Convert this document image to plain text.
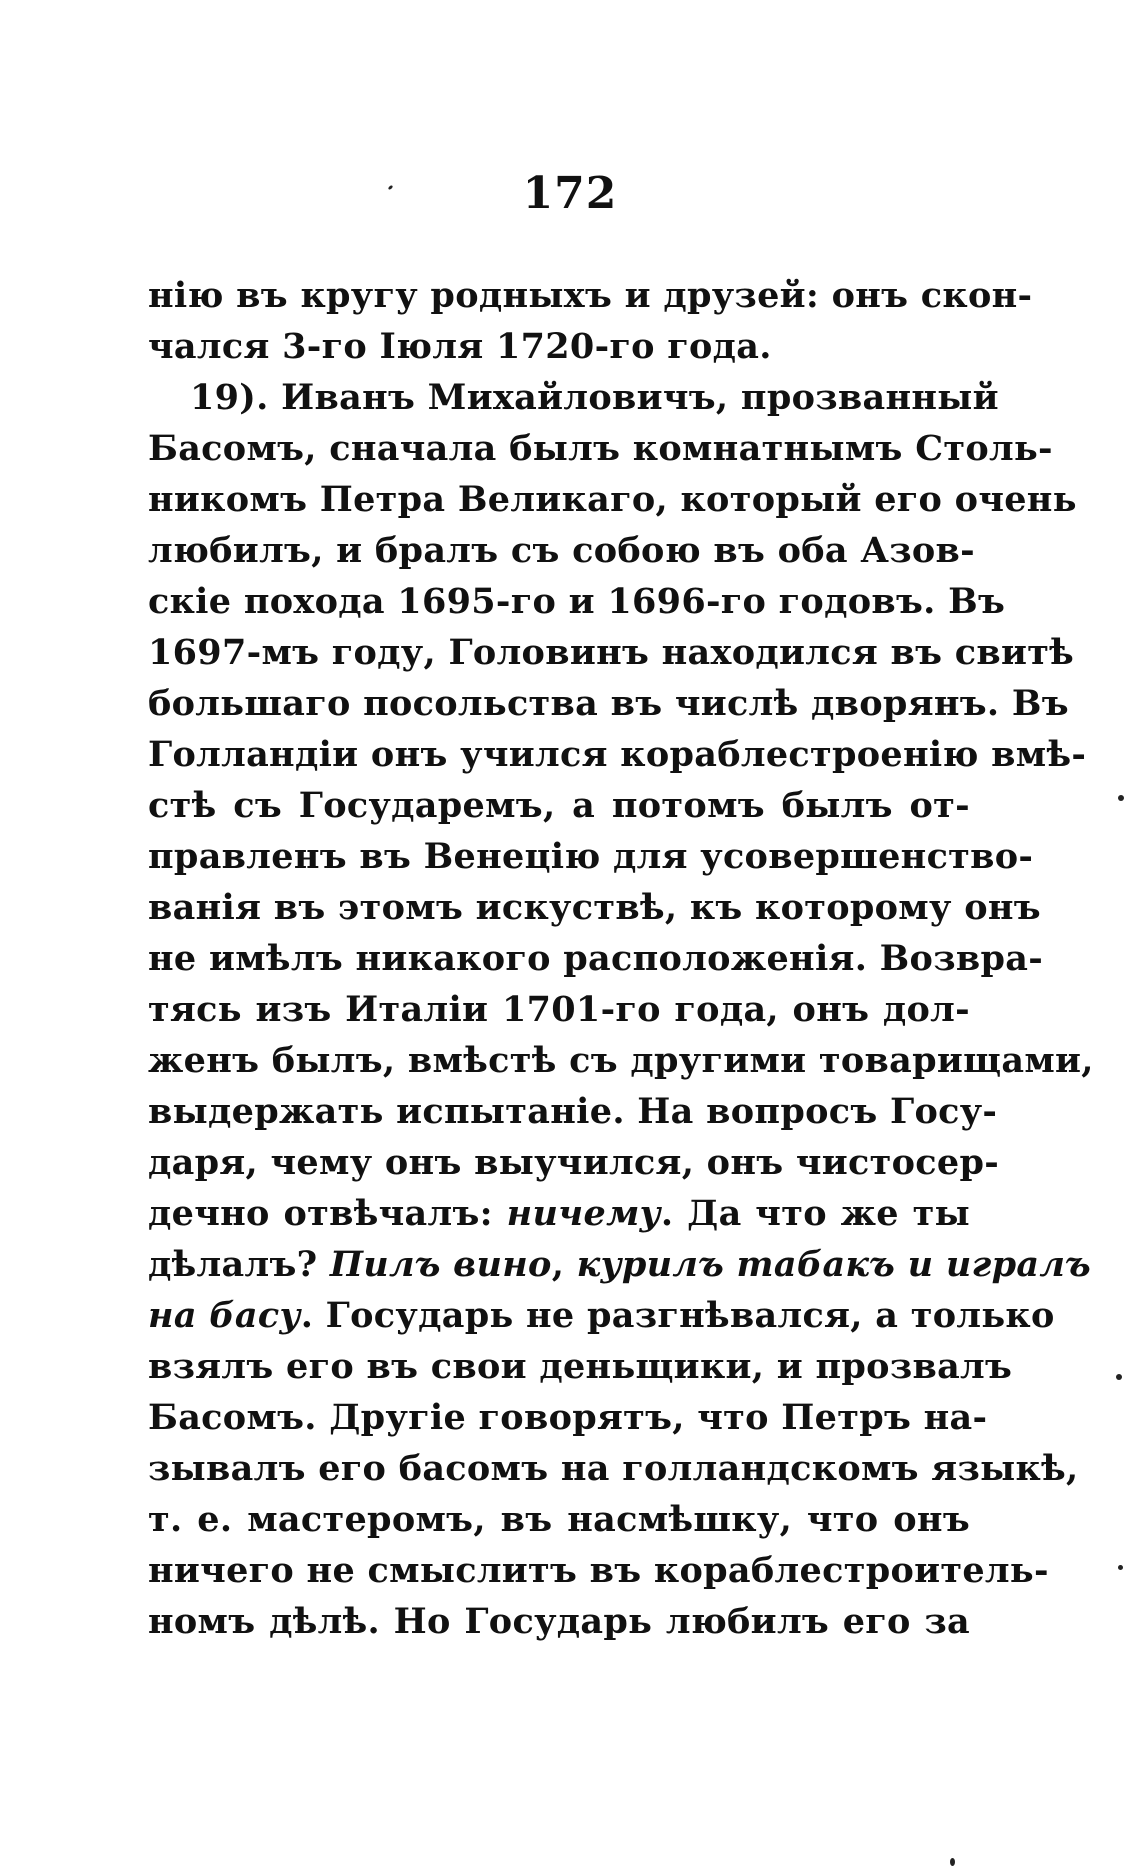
172
нію въ кругу родныхъ и друзей: онъ скон-
чался 3-го Іюля 1720-го года.
19). Иванъ Михайловичъ, прозванный
Басомъ, сначала былъ комнатнымъ Столь-
никомъ Петра Великаго, который его очень
любилъ, и бралъ съ собою въ оба Азов-
скіе похода 1695-го и 1696-го годовъ. Въ
1697-мъ году, Головинъ находился въ свитѣ
большаго посольства въ числѣ дворянъ. Въ
Голландіи онъ учился кораблестроенію вмѣ-
стѣ съ Государемъ, а потомъ былъ от-
правленъ въ Венецію для усовершенство-
ванія въ этомъ искуствѣ, къ которому онъ
не имѣлъ никакого расположенія. Возвра-
тясь изъ Италіи 1701-го года, онъ дол-
женъ былъ, вмѣстѣ съ другими товарищами,
выдержать испытаніе. На вопросъ Госу-
даря, чему онъ выучился, онъ чистосер-
дечно отвѣчалъ: ничему. Да что же ты
дѣлалъ? Пилъ вино, курилъ табакъ и игралъ
на басу. Государь не разгнѣвался, а только
взялъ его въ свои деньщики, и прозвалъ
Басомъ. Другіе говорятъ, что Петръ на-
зывалъ его басомъ на голландскомъ языкѣ,
т. е. мастеромъ, въ насмѣшку, что онъ
ничего не смыслитъ въ кораблестроитель-
номъ дѣлѣ. Но Государь любилъ его за
